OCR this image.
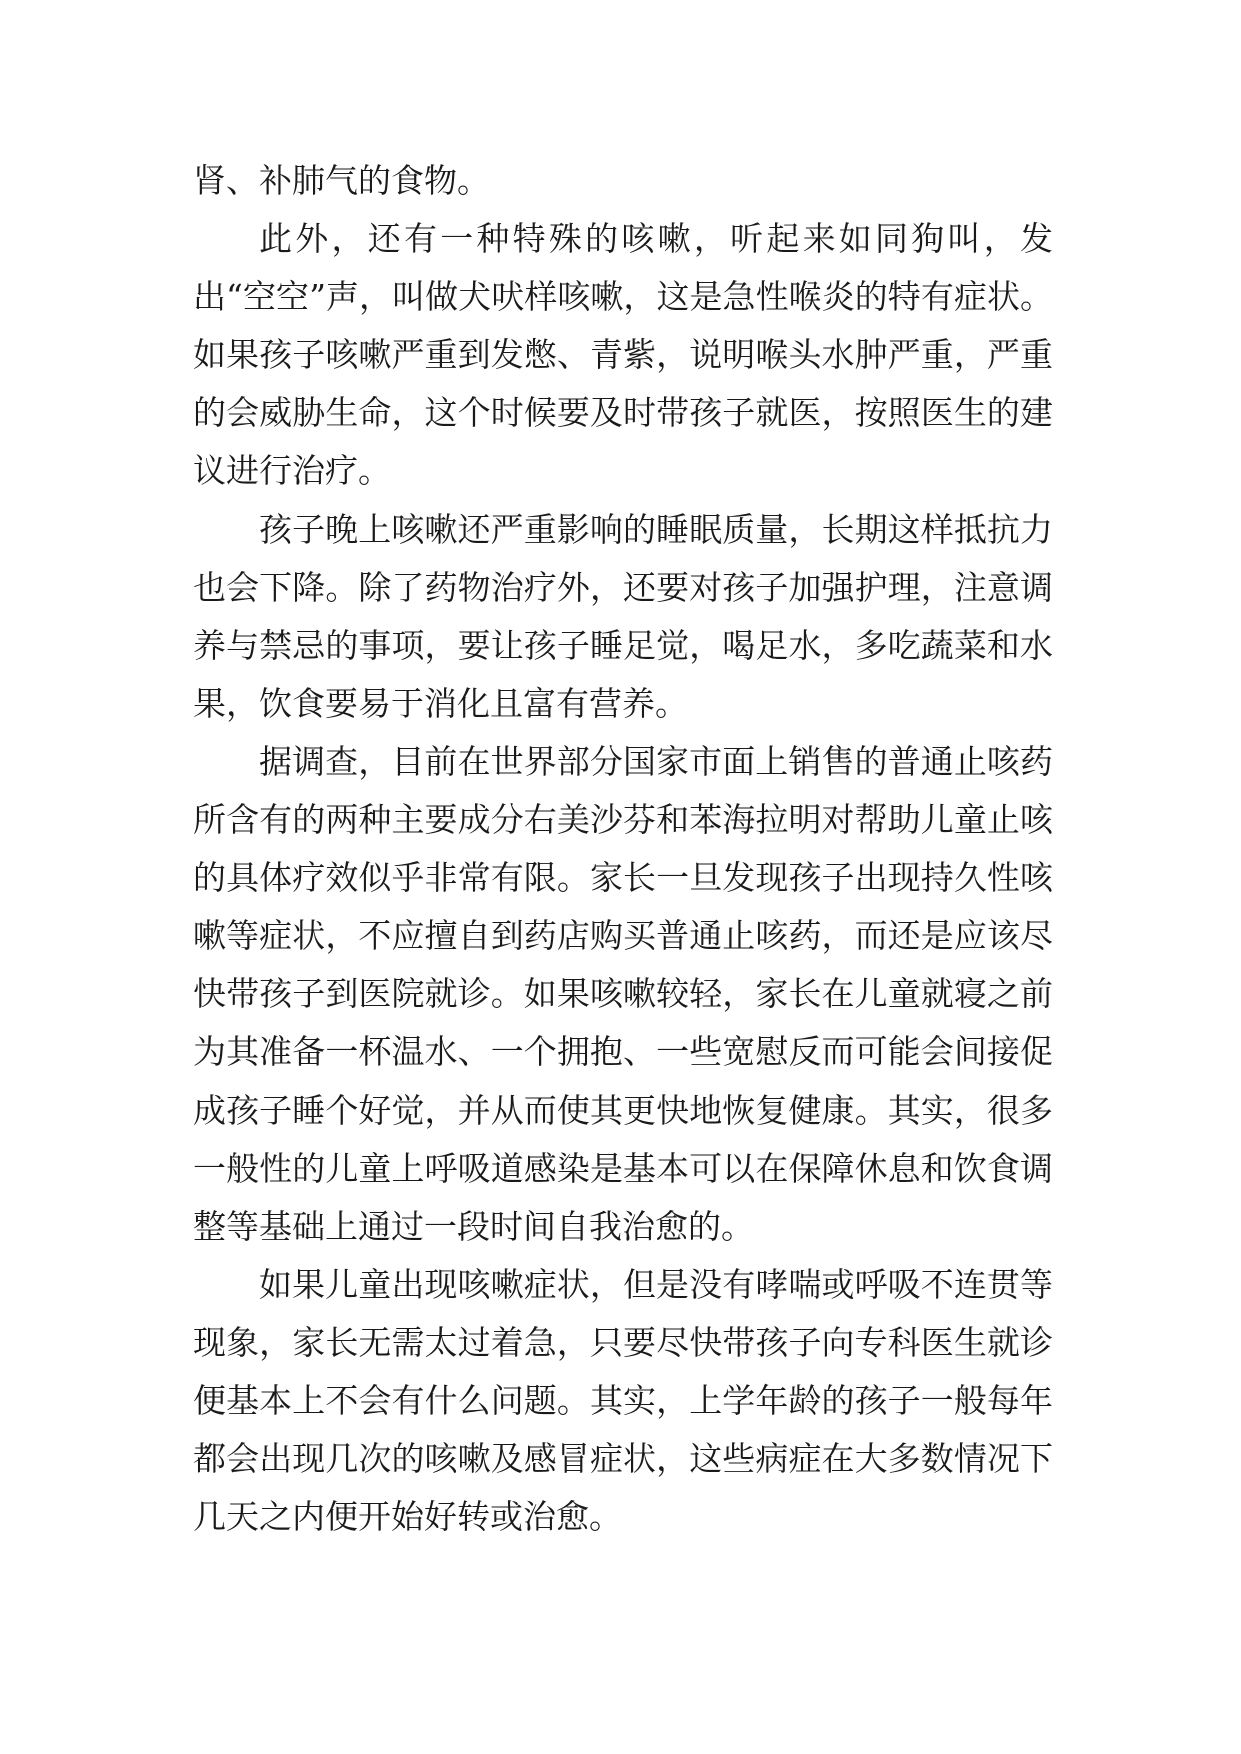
肾、补肺气的食物。

此外，还有一种特殊的咳嗽，听起来如同狗叫，发出“空空”声，叫做犬吠样咳嗽，这是急性喉炎的特有症状。如果孩子咳嗽严重到发憋、青紫，说明喉头水肿严重，严重的会威胁生命，这个时候要及时带孩子就医，按照医生的建议进行治疗。

孩子晚上咳嗽还严重影响的睡眠质量，长期这样抵抗力也会下降。除了药物治疗外，还要对孩子加强护理，注意调养与禁忌的事项，要让孩子睡足觉，喝足水，多吃蔬菜和水果，饮食要易于消化且富有营养。

据调查，目前在世界部分国家市面上销售的普通止咳药所含有的两种主要成分右美沙芬和苯海拉明对帮助儿童止咳的具体疗效似乎非常有限。家长一旦发现孩子出现持久性咳嗽等症状，不应擅自到药店购买普通止咳药，而还是应该尽快带孩子到医院就诊。如果咳嗽较轻，家长在儿童就寝之前为其准备一杯温水、一个拥抱、一些宽慰反而可能会间接促成孩子睡个好觉，并从而使其更快地恢复健康。其实，很多一般性的儿童上呼吸道感染是基本可以在保障休息和饮食调整等基础上通过一段时间自我治愈的。

如果儿童出现咳嗽症状，但是没有哮喘或呼吸不连贯等现象，家长无需太过着急，只要尽快带孩子向专科医生就诊便基本上不会有什么问题。其实，上学年龄的孩子一般每年都会出现几次的咳嗽及感冒症状，这些病症在大多数情况下几天之内便开始好转或治愈。
